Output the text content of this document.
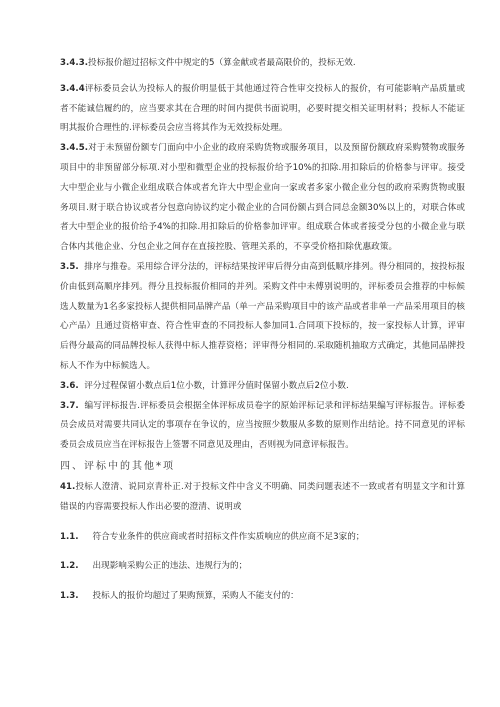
3.4.3.投标报价超过招标文件中规定的5（算金献或者最高限价的，投标无效.

3.4.4评标委员会认为投标人的报价明显低于其他通过符合性审交投标人的报价，有可能影响产品质量或者不能诚信履约的，应当要求其在合理的时间内提供书面说明，必要时提交相关证明材料；投标人不能证明其报价合理性的.评标委员会应当将其作为无效投标处理。

3.4.5.对于未预留份额专门面向中小企业的政府采购货物或服务项目，以及预留份额政府采购赞物或服务项目中的非预留部分标项.对小型和微型企业的投标报价给予10%的扣除.用扣除后的价格参与评审。接受大中型企业与小微企业组成联合体或者允许大中型企业向一家或者多家小微企业分包的政府采购货物或服务项目.财于联合协议或者分包意向协议约定小微企业的合同份额占到合同总金额30%以上的，对联合体或者大中型企业的报价给予4%的扣除.用扣除后的价格参加评审。组成联合体或者接受分包的小微企业与联合体内其他企业、分包企业之间存在直接控股、管理关系的，不享受价格扣除优惠政策。

3.5. 排序与推卷。采用综合评分法的，评标结果按评审后得分由高到低顺序排列。得分相同的，按投标报价由低到高顺序排列。得分且投标报价相同的并列。采购文件中未傅别说明的，评标委员会推荐的中标候选人数量为1名多家投标人提供相同品牌产品（单一产品采购项目中的该产品或者非单一产品采用项目的核心产品）且通过资格审查、符合性审查的不同投标人参加同1.合同项下投标的，按一家投标人计算，评审后得分最高的同品牌投标人获得中标人推荐资格；评审得分相同的.采取随机抽取方式确定，其他同品牌投标人不作为中标候选人。

3.6. 评分过程保留小数点后1位小数，计算评分值时保留小数点后2位小数.

3.7. 编写评标报告.评标委员会根据全体评标成员卷字的原始评标记录和评标结果编写评标报告。评标委员会成员对需要共同认定的事项存在争议的，应当按照少数服从多数的原则作出结论。持不同意见的评标委员会成员应当在评标报告上签署不同意见及理由，否则视为同意评标报告。

四、评标中的其他*项

41.投标人澄清、说同京青朴正.对于投标文件中含义不明确、同类问题表述不一致或者有明显文字和计算错误的内容需要投标人作出必要的澄清、说明或

1.1. 符合专业条件的供应商或者时招标文件作实质响应的供应商不足3家的；

1.2. 出现影响采购公正的违法、违规行为的；

1.3. 投标人的报价均超过了果购预算，采购人不能支付的：
